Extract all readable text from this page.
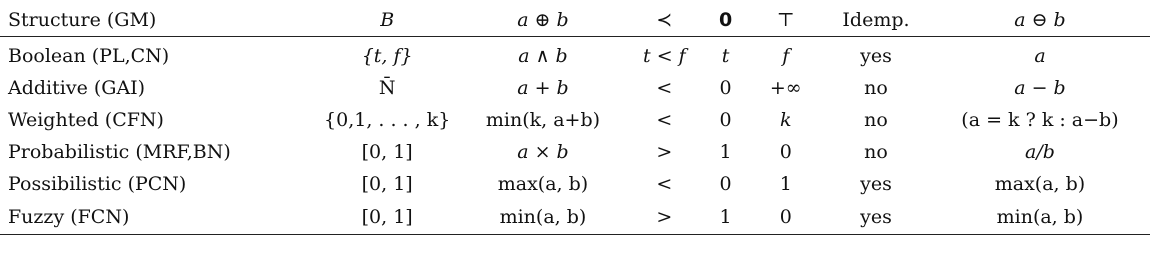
Structure (GM)	B	a ⊕ b	≺	0	⊤	Idemp.	a ⊖ b
Boolean (PL,CN)	{t, f}	a ∧ b	t < f	t	f	yes	a
Additive (GAI)	N̄	a + b	<	0	+∞	no	a − b
Weighted (CFN)	{0,1, . . . , k}	min(k, a+b)	<	0	k	no	(a = k ? k : a−b)
Probabilistic (MRF,BN)	[0, 1]	a × b	>	1	0	no	a/b
Possibilistic (PCN)	[0, 1]	max(a, b)	<	0	1	yes	max(a, b)
Fuzzy (FCN)	[0, 1]	min(a, b)	>	1	0	yes	min(a, b)
